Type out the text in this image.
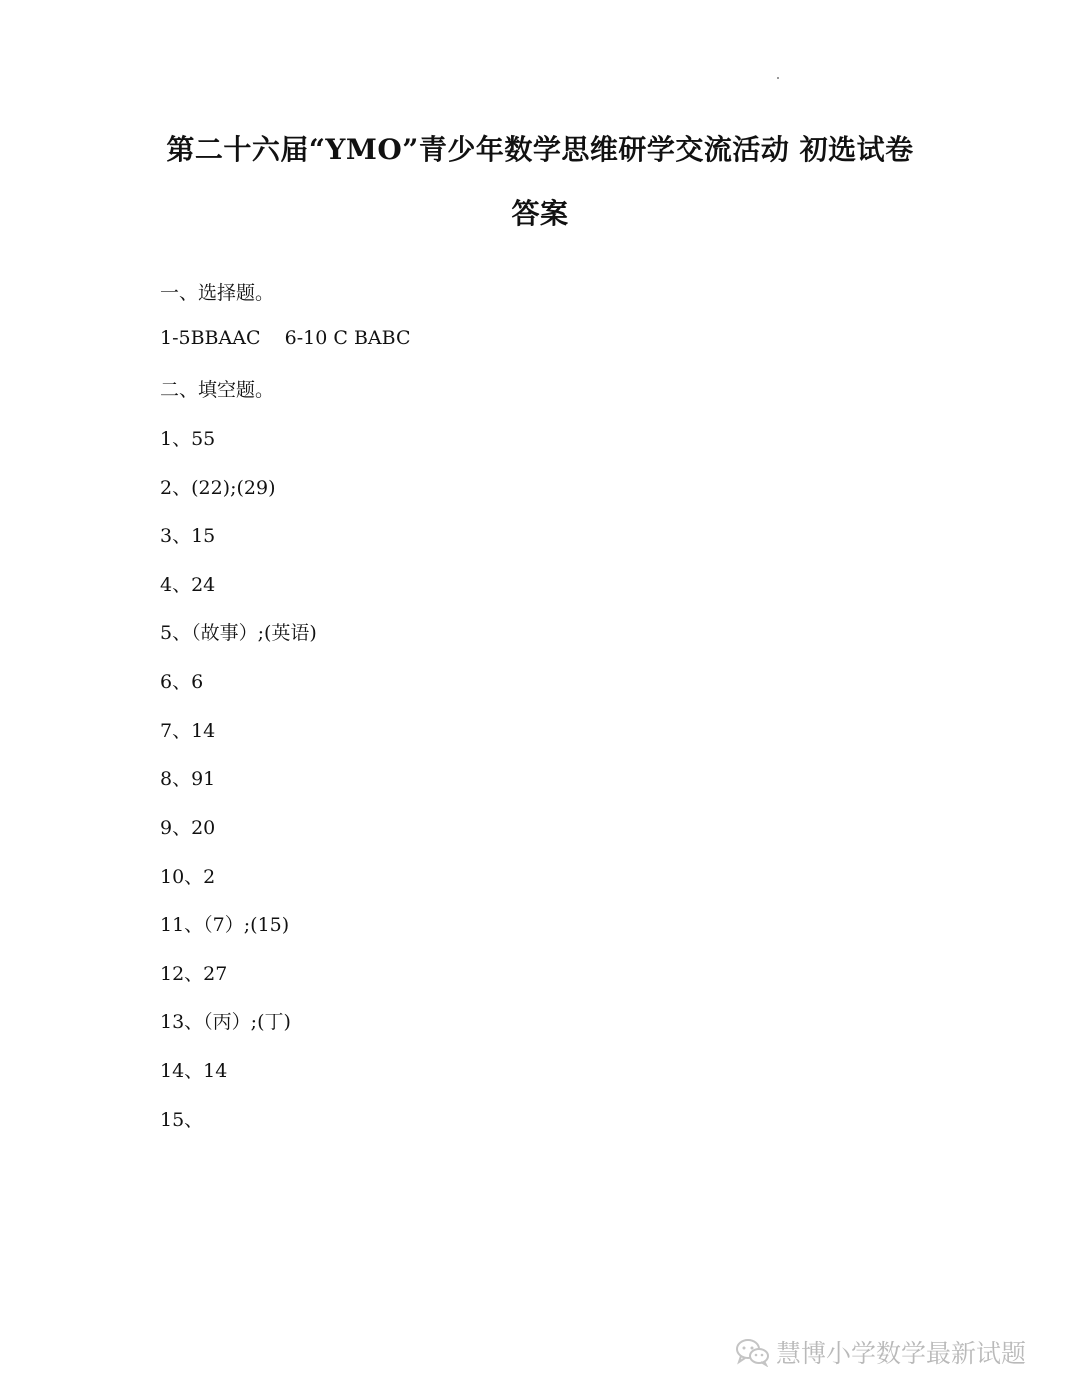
第二十六届“YMO”青少年数学思维研学交流活动 初选试卷
答案
一、选择题。
1-5BBAAC    6-10 C BABC
二、填空题。
1、55
2、(22);(29)
3、15
4、24
5、（故事）;(英语)
6、6
7、14
8、91
9、20
10、2
11、（7）;(15)
12、27
13、（丙）;(丁)
14、14
15、
慧博小学数学最新试题
